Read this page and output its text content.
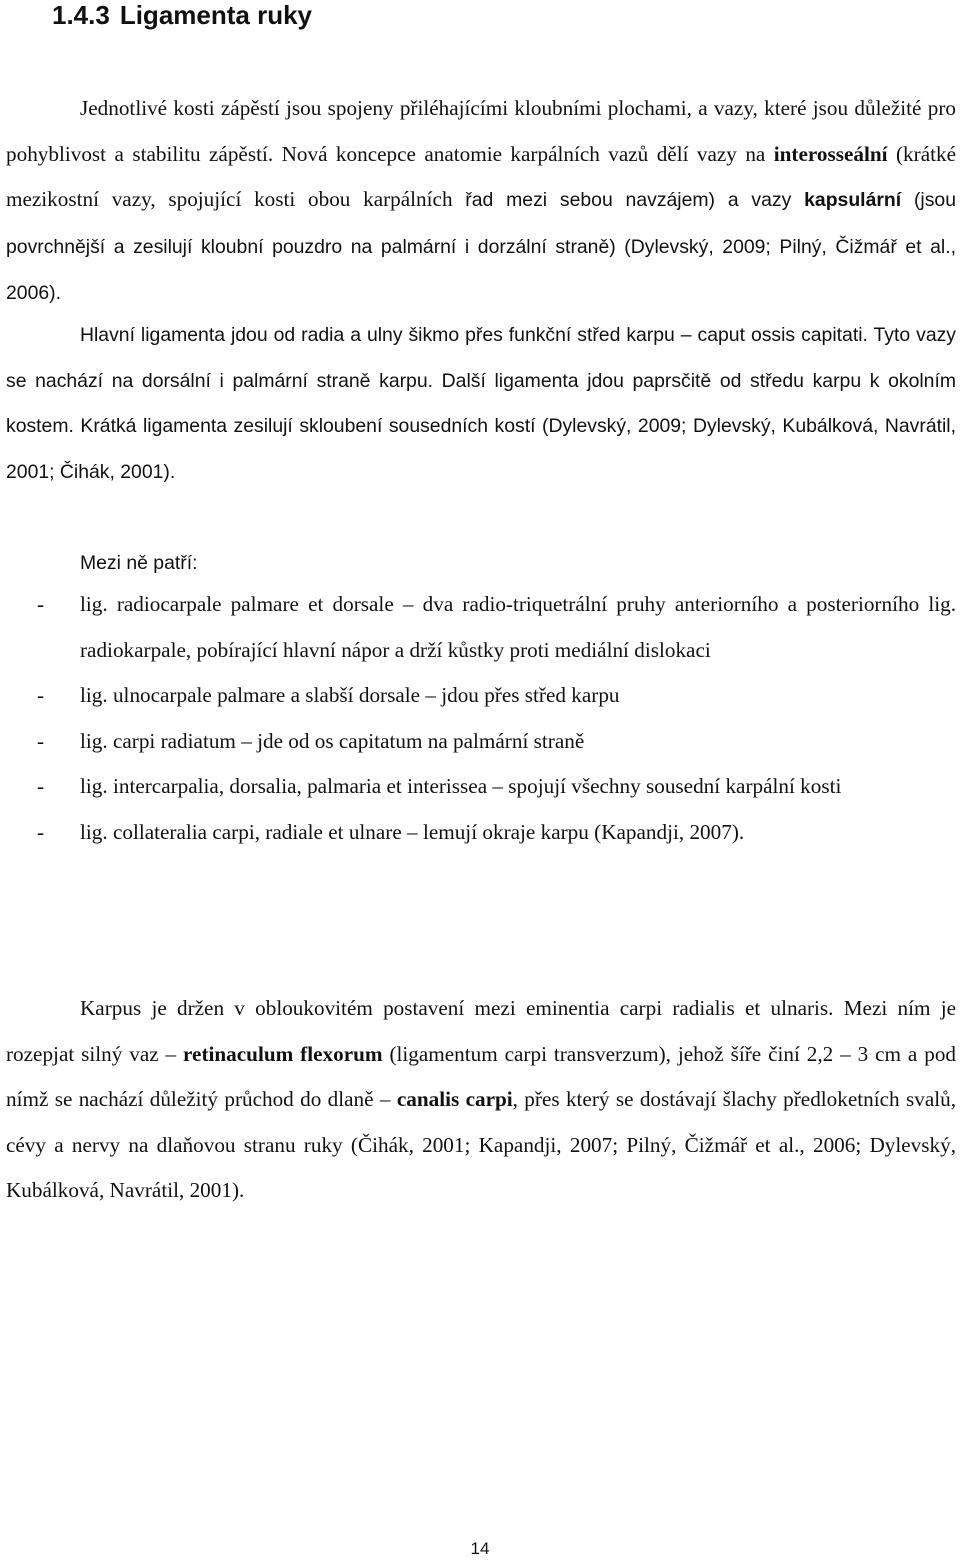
1.4.3 Ligamenta ruky

Jednotlivé kosti zápěstí jsou spojeny přiléhajícími kloubními plochami, a vazy, které jsou důležité pro pohyblivost a stabilitu zápěstí. Nová koncepce anatomie karpálních vazů dělí vazy na interosseální (krátké mezikostní vazy, spojující kosti obou karpálních řad mezi sebou navzájem) a vazy kapsulární (jsou povrchnější a zesilují kloubní pouzdro na palmární i dorzální straně) (Dylevský, 2009; Pilný, Čižmář et al., 2006).

Hlavní ligamenta jdou od radia a ulny šikmo přes funkční střed karpu – caput ossis capitati. Tyto vazy se nachází na dorsální i palmární straně karpu. Další ligamenta jdou paprsčitě od středu karpu k okolním kostem. Krátká ligamenta zesilují skloubení sousedních kostí (Dylevský, 2009; Dylevský, Kubálková, Navrátil, 2001; Čihák, 2001).

Mezi ně patří:

- lig. radiocarpale palmare et dorsale – dva radio-triquetrální pruhy anteriorního a posteriorního lig. radiokarpale, pobírající hlavní nápor a drží kůstky proti mediální dislokaci
- lig. ulnocarpale palmare a slabší dorsale – jdou přes střed karpu
- lig. carpi radiatum – jde od os capitatum na palmární straně
- lig. intercarpalia, dorsalia, palmaria et interissea – spojují všechny sousední karpální kosti
- lig. collateralia carpi, radiale et ulnare – lemují okraje karpu (Kapandji, 2007).

Karpus je držen v obloukovitém postavení mezi eminentia carpi radialis et ulnaris. Mezi ním je rozepjat silný vaz – retinaculum flexorum (ligamentum carpi transverzum), jehož šíře činí 2,2 – 3 cm a pod nímž se nachází důležitý průchod do dlaně – canalis carpi, přes který se dostávají šlachy předloketních svalů, cévy a nervy na dlaňovou stranu ruky (Čihák, 2001; Kapandji, 2007; Pilný, Čižmář et al., 2006; Dylevský, Kubálková, Navrátil, 2001).

14
